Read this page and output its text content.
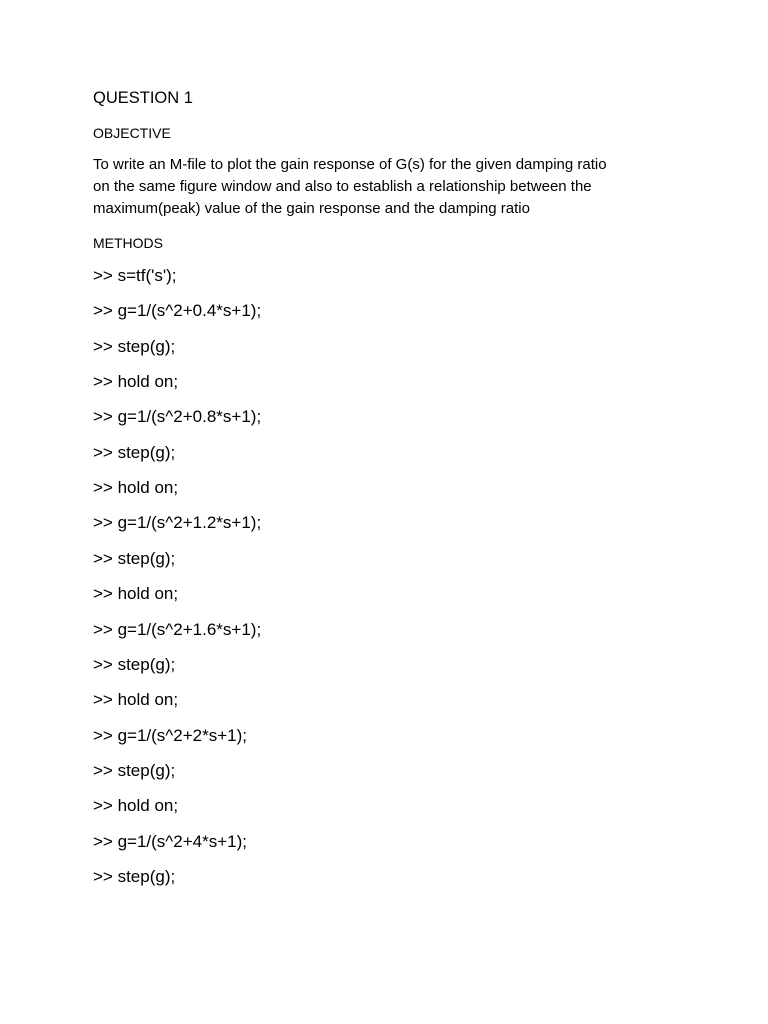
QUESTION 1
OBJECTIVE

To write an M-file to plot the gain response of G(s) for the given damping ratio
on the same figure window and also to establish a relationship between the
maximum(peak) value of the gain response and the damping ratio

METHODS
>> s=tf('s');
>> g=1/(s^2+0.4*s+1);
>> step(g);
>> hold on;
>> g=1/(s^2+0.8*s+1);
>> step(g);
>> hold on;
>> g=1/(s^2+1.2*s+1);
>> step(g);
>> hold on;
>> g=1/(s^2+1.6*s+1);
>> step(g);
>> hold on;
>> g=1/(s^2+2*s+1);
>> step(g);
>> hold on;
>> g=1/(s^2+4*s+1);
>> step(g);
